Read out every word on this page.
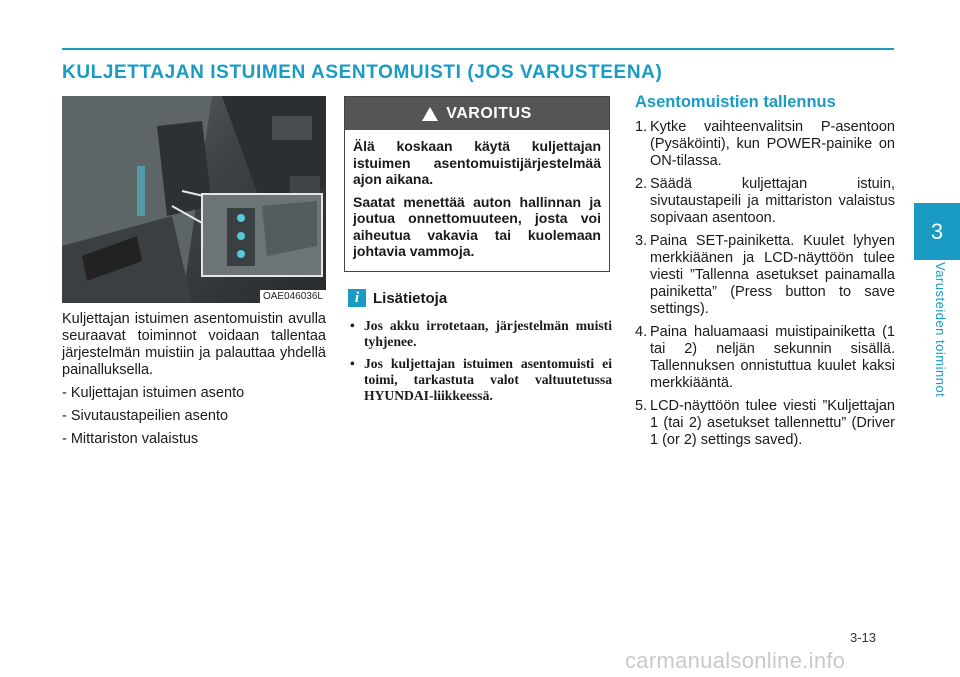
3
Varusteiden toiminnot
KULJETTAJAN ISTUIMEN ASENTOMUISTI (JOS VARUSTEENA)
OAE046036L

Kuljettajan istuimen asentomuistin avulla seuraavat toiminnot voidaan tallentaa järjestelmän muistiin ja palauttaa yhdellä painalluksella.

- Kuljettajan istuimen asento

- Sivutaustapeilien asento

- Mittariston valaistus

VAROITUS

Älä koskaan käytä kuljettajan istuimen asentomuistijärjestelmää ajon aikana.

Saatat menettää auton hallinnan ja joutua onnettomuuteen, josta voi aiheutua vakavia tai kuolemaan johtavia vammoja.

i Lisätietoja
• Jos akku irrotetaan, järjestelmän muisti tyhjenee.
• Jos kuljettajan istuimen asentomuisti ei toimi, tarkastuta valot valtuutetussa HYUNDAI-liikkeessä.
Asentomuistien tallennus
1. Kytke vaihteenvalitsin P-asentoon (Pysäköinti), kun POWER-painike on ON-tilassa.
2. Säädä kuljettajan istuin, sivutaustapeili ja mittariston valaistus sopivaan asentoon.
3. Paina SET-painiketta. Kuulet lyhyen merkkiäänen ja LCD-näyttöön tulee viesti ”Tallenna asetukset painamalla painiketta” (Press button to save settings).
4. Paina haluamaasi muistipainiketta (1 tai 2) neljän sekunnin sisällä. Tallennuksen onnistuttua kuulet kaksi merkkiääntä.
5. LCD-näyttöön tulee viesti ”Kuljettajan 1 (tai 2) asetukset tallennettu” (Driver 1 (or 2) settings saved).
3-13
carmanualsonline.info
